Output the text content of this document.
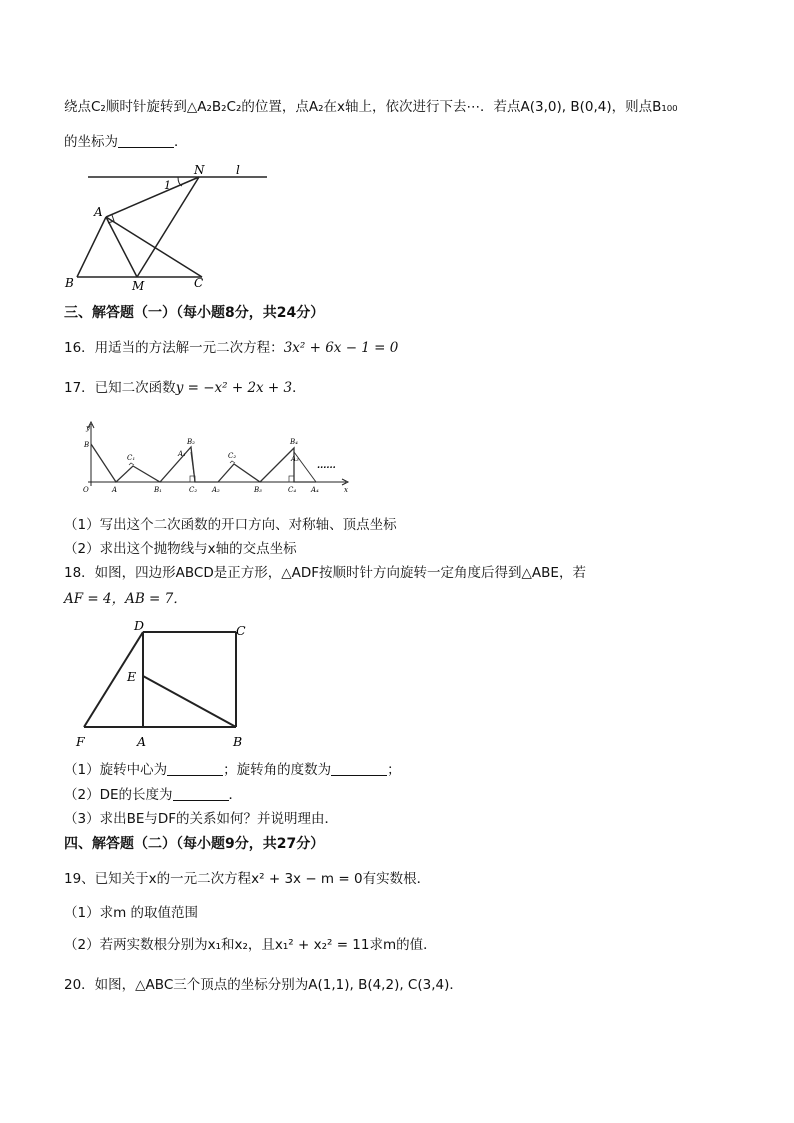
绕点C₂顺时针旋转到△A₂B₂C₂的位置，点A₂在x轴上，依次进行下去⋯．若点A(3,0), B(0,4)，则点B₁₀₀
的坐标为	．
N	l
1
A
B	M	C
三、解答题（一）（每小题8分，共24分）
16．用适当的方法解一元二次方程：3x² + 6x − 1 = 0
17．已知二次函数y = −x² + 2x + 3．
y
x
O
B
A
C₁
B₁
B₂
A₁
C₂ A₂
C₂
B₃
B₄
A₃
C₄ A₄
......
（1）写出这个二次函数的开口方向、对称轴、顶点坐标
（2）求出这个抛物线与x轴的交点坐标
18．如图，四边形ABCD是正方形，△ADF按顺时针方向旋转一定角度后得到△ABE，若
AF = 4，AB = 7．
D	C
E
F	A	B
（1）旋转中心为	；旋转角的度数为	；
（2）DE的长度为	．
（3）求出BE与DF的关系如何？并说明理由．
四、解答题（二）（每小题9分，共27分）
19、已知关于x的一元二次方程x² + 3x − m = 0有实数根．
（1）求m 的取值范围
（2）若两实数根分别为x₁和x₂，且x₁² + x₂² = 11求m的值．
20．如图，△ABC三个顶点的坐标分别为A(1,1), B(4,2), C(3,4)．
